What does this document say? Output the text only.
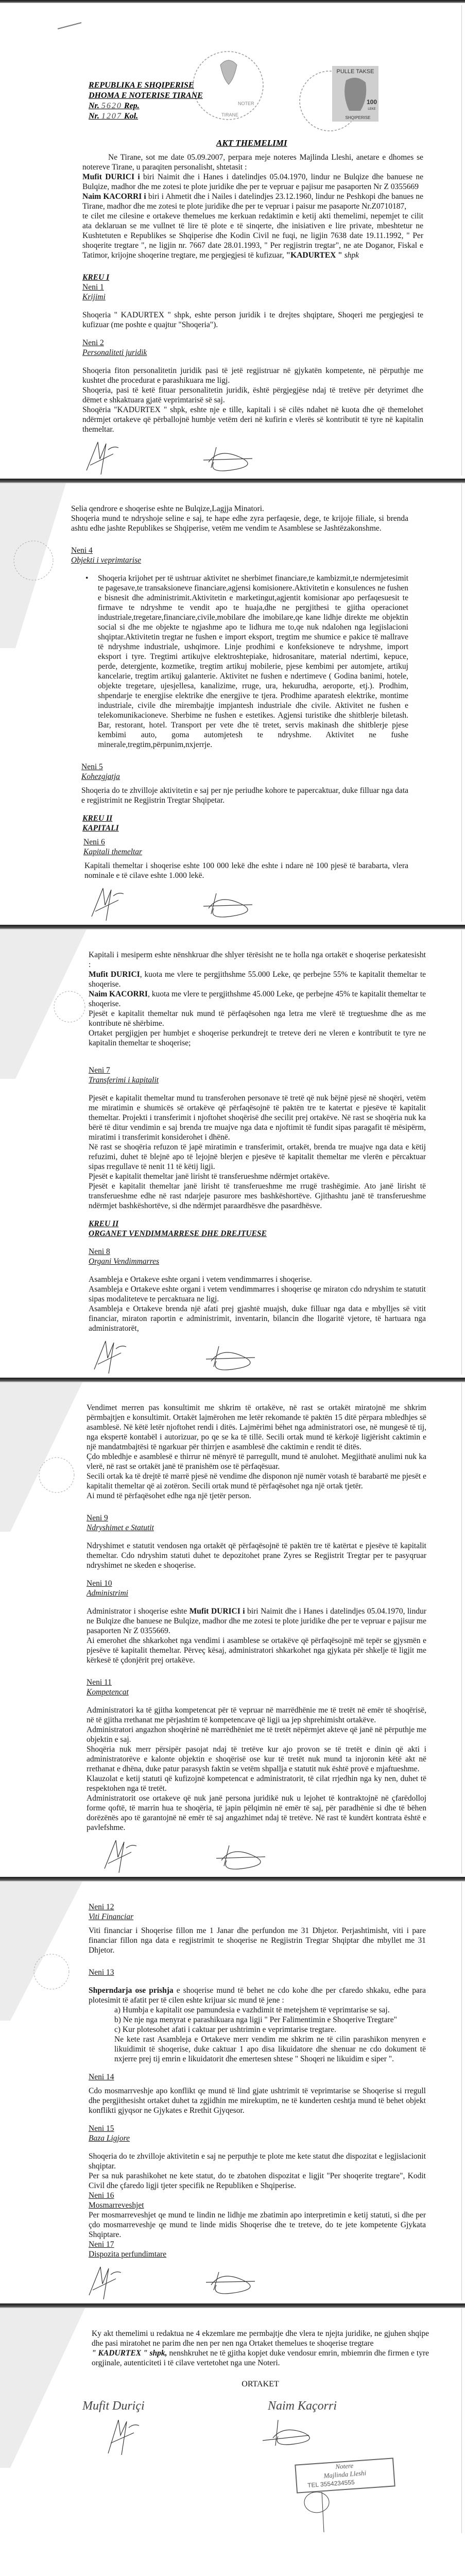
NOTER
TIRANE
PULLE TAKSE
100
LEKE
SHQIPERISE
REPUBLIKA E SHQIPERISE
DHOMA E NOTERISE TIRANE
Nr. 5620 Rep.
Nr. 1207 Kol.
AKT THEMELIMI

Ne Tirane, sot me date 05.09.2007, perpara meje noteres Majlinda Lleshi, anetare e dhomes se notereve Tirane, u paraqiten personalisht, shtetasit :

Mufit DURICI i biri Naimit dhe i Hanes i datelindjes 05.04.1970, lindur ne Bulqize dhe banuese ne Bulqize, madhor dhe me zotesi te plote juridike dhe per te vepruar e pajisur me pasaporten Nr Z 0355669

Naim KACORRI i biri i Ahmetit dhe i Nailes i datelindjes 23.12.1960, lindur ne Peshkopi dhe banues ne Tirane, madhor dhe me zotesi te plote juridike dhe per te vepruar i paisur me pasaporte Nr.Z0710187,

te cilet me cilesine e ortakeve themelues me kerkuan redaktimin e ketij akti themelimi, nepemjet te cilit ata deklaruan se me vullnet të lire të plote e të sinqerte, dhe inisiativen e lire private, mbeshtetur ne Kushtetuten e Republikes se Shqiperise dhe Kodin Civil ne fuqi, ne ligjin 7638 date 19.11.1992, " Per shoqerite tregtare ", ne ligjin nr. 7667 date 28.01.1993, " Per regjistrin tregtar", ne ate Doganor, Fiskal e Tatimor, krijojne shoqerine tregtare, me pergjegjesi të kufizuar, "KADURTEX " shpk

KREU I

Neni 1

Krijimi

Shoqeria " KADURTEX " shpk, eshte person juridik i te drejtes shqiptare, Shoqeri me pergjegjesi te kufizuar (me poshte e quajtur "Shoqeria").

Neni 2

Personaliteti juridik

Shoqeria fiton personalitetin juridik pasi të jetë regjistruar në gjykatën kompetente, në përputhje me kushtet dhe procedurat e parashikuara me ligj.

Shoqeria, pasi të ketë fituar personalitetin juridik, është përgjegjëse ndaj të tretëve për detyrimet dhe dëmet e shkaktuara gjatë veprimtarisë së saj.

Shoqëria "KADURTEX " shpk, eshte nje e tille, kapitali i së cilës ndahet në kuota dhe që themelohet ndërmjet ortakeve që përballojnë humbje vetëm deri në kufirin e vlerës së kontributit të tyre në kapitalin themeltar.

Selia qendrore e shoqerise eshte ne Bulqize,Lagjja Minatori.

Shoqeria mund te ndryshoje seline e saj, te hape edhe zyra perfaqesie, dege, te krijoje filiale, si brenda ashtu edhe jashte Republikes se Shqiperise, vetëm me vendim te Asamblese se Jashtëzakonshme.

Neni 4

Objekti i veprimtarise

• Shoqeria krijohet per të ushtruar aktivitet ne sherbimet financiare,te kambizmit,te ndermjetesimit te pagesave,te transaksioneve financiare,agjensi komisionere.Aktivitetin e konsulences ne fushen e bisnesit dhe administrimit.Aktivitetin e marketingut,agjentit komisionar apo perfaqesuesit te firmave te ndryshme te vendit apo te huaja,dhe ne pergjithesi te gjitha operacionet industriale,tregetare,financiare,civile,mobilare dhe imobilare,qe kane lidhje direkte me objektin social si dhe me objekte te ngjashme apo te lidhura me to,qe nuk ndalohen nga legjislacioni shqiptar.Aktivitetin tregtar ne fushen e import eksport, tregtim me shumice e pakice të mallrave të ndryshme industriale, ushqimore. Linje prodhimi e konfeksioneve te ndryshme, import eksport i tyre. Tregtimi artikujve elektroshtepiake, hidrosanitare, material ndertimi, kepuce, perde, detergjente, kozmetike, tregtim artikuj mobilerie, pjese kembimi per automjete, artikuj kancelarie, tregtim artikuj galanterie. Aktivitet ne fushen e ndertimeve ( Godina banimi, hotele, objekte tregetare, ujesjellesa, kanalizime, rruge, ura, hekurudha, aeroporte, etj.). Prodhim, shpendarje te energjise elektrike dhe energjive te tjera. Prodhime aparatesh elektrike, montime industriale, civile dhe mirembajtje impjantesh industriale dhe civile. Aktivitet ne fushen e telekomunikacioneve. Sherbime ne fushen e estetikes. Agjensi turistike dhe shitblerje biletash. Bar, restorant, hotel. Transport per vete dhe të tretet, servis makinash dhe shitblerje pjese kembimi auto, goma automjetesh te ndryshme. Aktivitet ne fushe minerale,tregtim,përpunim,nxjerrje.

Neni 5

Kohezgjatja

Shoqeria do te zhvilloje aktivitetin e saj per nje periudhe kohore te papercaktuar, duke filluar nga data e regjistrimit ne Regjistrin Tregtar Shqipetar.

KREU II

KAPITALI

Neni 6

Kapitali themeltar

Kapitali themeltar i shoqerise eshte 100 000 lekë dhe eshte i ndare në 100 pjesë të barabarta, vlera nominale e të cilave eshte 1.000 lekë.

Kapitali i mesiperm eshte nënshkruar dhe shlyer tërësisht ne te holla nga ortakët e shoqerise perkatesisht :

Mufit DURICI, kuota me vlere te pergjithshme 55.000 Leke, qe perbejne 55% te kapitalit themeltar te shoqerise.

Naim KACORRI, kuota me vlere te pergjithshme 45.000 Leke, qe perbejne 45% te kapitalit themeltar te shoqerise.

Pjesët e kapitalit themeltar nuk mund të përfaqësohen nga letra me vlerë të tregtueshme dhe as me kontribute në shërbime.

Ortaket pergjigjen per humbjet e shoqerise perkundrejt te treteve deri ne vleren e kontributit te tyre ne kapitalin themeltar te shoqerise;

Neni 7

Transferimi i kapitalit

Pjesët e kapitalit themeltar mund tu transferohen personave të tretë që nuk bëjnë pjesë në shoqëri, vetëm me miratimin e shumicës së ortakëve që përfaqësojnë të paktën tre te katertat e pjesëve të kapitalit themeltar. Projekti i transferimit i njoftohet shoqërisë dhe secilit prej ortakëve. Në rast se shoqëria nuk ka bërë të ditur vendimin e saj brenda tre muajve nga data e njoftimit të fundit sipas paragafit të mësipërm, miratimi i transferimit konsiderohet i dhënë.

Në rast se shoqëria refuzon të japë miratimin e transferimit, ortakët, brenda tre muajve nga data e këtij refuzimi, duhet të blejnë apo të lejojnë blerjen e pjesëve të kapitalit themeltar me vlerën e përcaktuar sipas rregullave të nenit 11 të këtij ligji.

Pjesët e kapitalit themeltar janë lirisht të transferueshme ndërmjet ortakëve.

Pjesët e kapitalit themeltar janë lirisht të transferueshme me rrugë trashëgimie. Ato janë lirisht të transferueshme edhe në rast ndarjeje pasurore mes bashkëshortëve. Gjithashtu janë të transferueshme ndërmjet bashkëshortëve, si dhe ndërmjet paraardhësve dhe pasardhësve.

KREU II

ORGANET VENDIMMARRESE DHE DREJTUESE

Neni 8

Organi Vendimmarres

Asambleja e Ortakeve eshte organi i vetem vendimmarres i shoqerise.

Asambleja e Ortakeve eshte organi i vetem vendimmarres i shoqerise qe miraton cdo ndryshim te statutit sipas modaliteteve te percaktuara ne ligj.

Asambleja e Ortakeve brenda një afati prej gjashtë muajsh, duke filluar nga data e mbylljes së vitit financiar, miraton raportin e administrimit, inventarin, bilancin dhe llogaritë vjetore, të hartuara nga administratorët,

Vendimet merren pas konsultimit me shkrim të ortakëve, në rast se ortakët miratojnë me shkrim përmbajtjen e konsultimit. Ortakët lajmërohen me letër rekomande të paktën 15 ditë përpara mbledhjes së asamblesë. Në këtë letër njoftohet rendi i ditës. Lajmërimi bëhet nga administratori ose, në mungesë të tij, nga ekspertë kontabël i autorizuar, po qe se ka të tillë. Secili ortak mund të kërkojë ligjërisht caktimin e një mandatmbajtësi të ngarkuar për thirrjen e asamblesë dhe caktimin e rendit të ditës.

Çdo mbledhje e asamblesë e thirrur në mënyrë të parregullt, mund të anulohet. Megjithatë anulimi nuk ka vlerë, në rast se ortakët janë të pranishëm ose të përfaqësuar.

Secili ortak ka të drejtë të marrë pjesë në vendime dhe disponon një numër votash të barabartë me pjesët e kapitalit themeltar që ai zotëron. Secili ortak mund të përfaqësohet nga një ortak tjetër.

Ai mund të përfaqësohet edhe nga një tjetër person.

Neni 9

Ndryshimet e Statutit

Ndryshimet e statutit vendosen nga ortakët që përfaqësojnë të paktën tre të katërtat e pjesëve të kapitalit themeltar. Cdo ndryshim statuti duhet te depozitohet prane Zyres se Regjistrit Tregtar per te pasyqruar ndryshimet ne skeden e shoqerise.

Neni 10

Administrimi

Administrator i shoqerise eshte Mufit DURICI i biri Naimit dhe i Hanes i datelindjes 05.04.1970, lindur ne Bulqize dhe banuese ne Bulqize, madhor dhe me zotesi te plote juridike dhe per te vepruar e pajisur me pasaporten Nr Z 0355669.

Ai emerohet dhe shkarkohet nga vendimi i asamblese se ortakëve që përfaqësojnë më tepër se gjysmën e pjesëve të kapitalit themeltar. Përveç kësaj, administratori shkarkohet nga gjykata për shkelje të ligjit me kërkesë të çdonjërit prej ortakëve.

Neni 11

Kompetencat

Administratori ka të gjitha kompetencat për të vepruar në marrëdhënie me të tretët në emër të shoqërisë, në të gjitha rrethanat me përjashtim të kompetencave që ligji ua jep shprehimisht ortakëve.

Administratori angazhon shoqërinë në marrëdhëniet me të tretët nëpërmjet akteve që janë në përputhje me objektin e saj.

Shoqëria nuk merr përsipër pasojat ndaj të tretëve kur ajo provon se të tretët e dinin që akti i administratorëve e kalonte objektin e shoqërisë ose kur të tretët nuk mund ta injoronin këtë akt në rrethanat e dhëna, duke patur parasysh faktin se vetëm shpallja e statutit nuk është provë e mjaftueshme.

Klauzolat e ketij statuti që kufizojnë kompetencat e administratorit, të cilat rrjedhin nga ky nen, duhet të respektohen nga të tretët.

Administratorit ose ortakeve që nuk janë persona juridikë nuk u lejohet të kontraktojnë në çfarëdolloj forme qoftë, të marrin hua te shoqëria, të japin pëlqimin në emër të saj, për paradhënie si dhe të bëhen dorëzënës apo të garantojnë në emër të saj angazhimet ndaj të tretëve. Në rast të kundërt kontrata është e pavlefshme.

Neni 12

Viti Financiar

Viti financiar i Shoqerise fillon me 1 Janar dhe perfundon me 31 Dhjetor. Perjashtimisht, viti i pare financiar fillon nga data e regjistrimit te shoqerise ne Regjistrin Tregtar Shqiptar dhe mbyllet me 31 Dhjetor.

Neni 13

Shperndarja ose prishja e shoqerise mund të behet ne cdo kohe dhe per cfaredo shkaku, edhe para plotesimit të afatit per të cilen eshte krijuar sic mund të jene :

a) Humbja e kapitalit ose pamundesia e vazhdimit të metejshem të veprimtarise se saj.

b) Ne nje nga menyrat e parashikuara nga ligji " Per Falimentimin e Shoqerive Tregtare"

c) Kur plotesohet afati i caktuar per ushtrimin e veprimtarise tregtare.

Ne kete rast Asambleja e Ortakeve merr vendim me shkrim ne të cilin parashikon menyren e likuidimit të shoqerise, duke caktuar 1 apo disa likuidatore dhe shenuar ne cdo dokument të nxjerre prej tij emrin e likuidatorit dhe emertesen shtese " Shoqeri ne likuidim e siper ".

Neni 14

Cdo mosmarrveshje apo konflikt qe mund të lind gjate ushtrimit të veprimtarise se Shoqerise si rregull dhe pergjithesisht ortaket duhet ta zgjidhin me mirekuptim, ne të kunderten ceshtja mund të behet objekt konflikti gjyqsor ne Gjykates e Rrethit Gjyqesor.

Neni 15

Baza Ligjore

Shoqeria do te zhvilloje aktivitetin e saj ne perputhje te plote me kete statut dhe dispozitat e legjislacionit shqiptar.

Per sa nuk parashikohet ne kete statut, do te zbatohen dispozitat e ligjit "Per shoqerite tregtare", Kodit Civil dhe çfaredo ligji tjeter specifik ne Republiken e Shqiperise.

Neni 16

Mosmarreveshjet

Per mosmarreveshjet qe mund te lindin ne lidhje me zbatimin apo interpretimin e ketij statuti, si dhe per çdo mosmarreveshje qe mund te linde midis Shoqerise dhe te treteve, do te jete kompetente Gjykata Shqiptare.

Neni 17

Dispozita perfundimtare

Ky akt themelimi u redaktua ne 4 ekzemlare me permbajtje dhe vlera te njejta juridike, ne gjuhen shqipe dhe pasi miratohet ne parim dhe nen per nen nga Ortaket themelues te shoqerise tregtare

" KADURTEX " shpk, nenshkruhet ne të gjitha kopjet duke vendosur emrin, mbiemrin dhe firmen e tyre orgjinale, autenticiteti i të cilave vertetohet nga une Noteri.

ORTAKET

Mufit Duriçi	Naim Kaçorri
Notere
Majlinda Lleshi
TEL 3554234555
